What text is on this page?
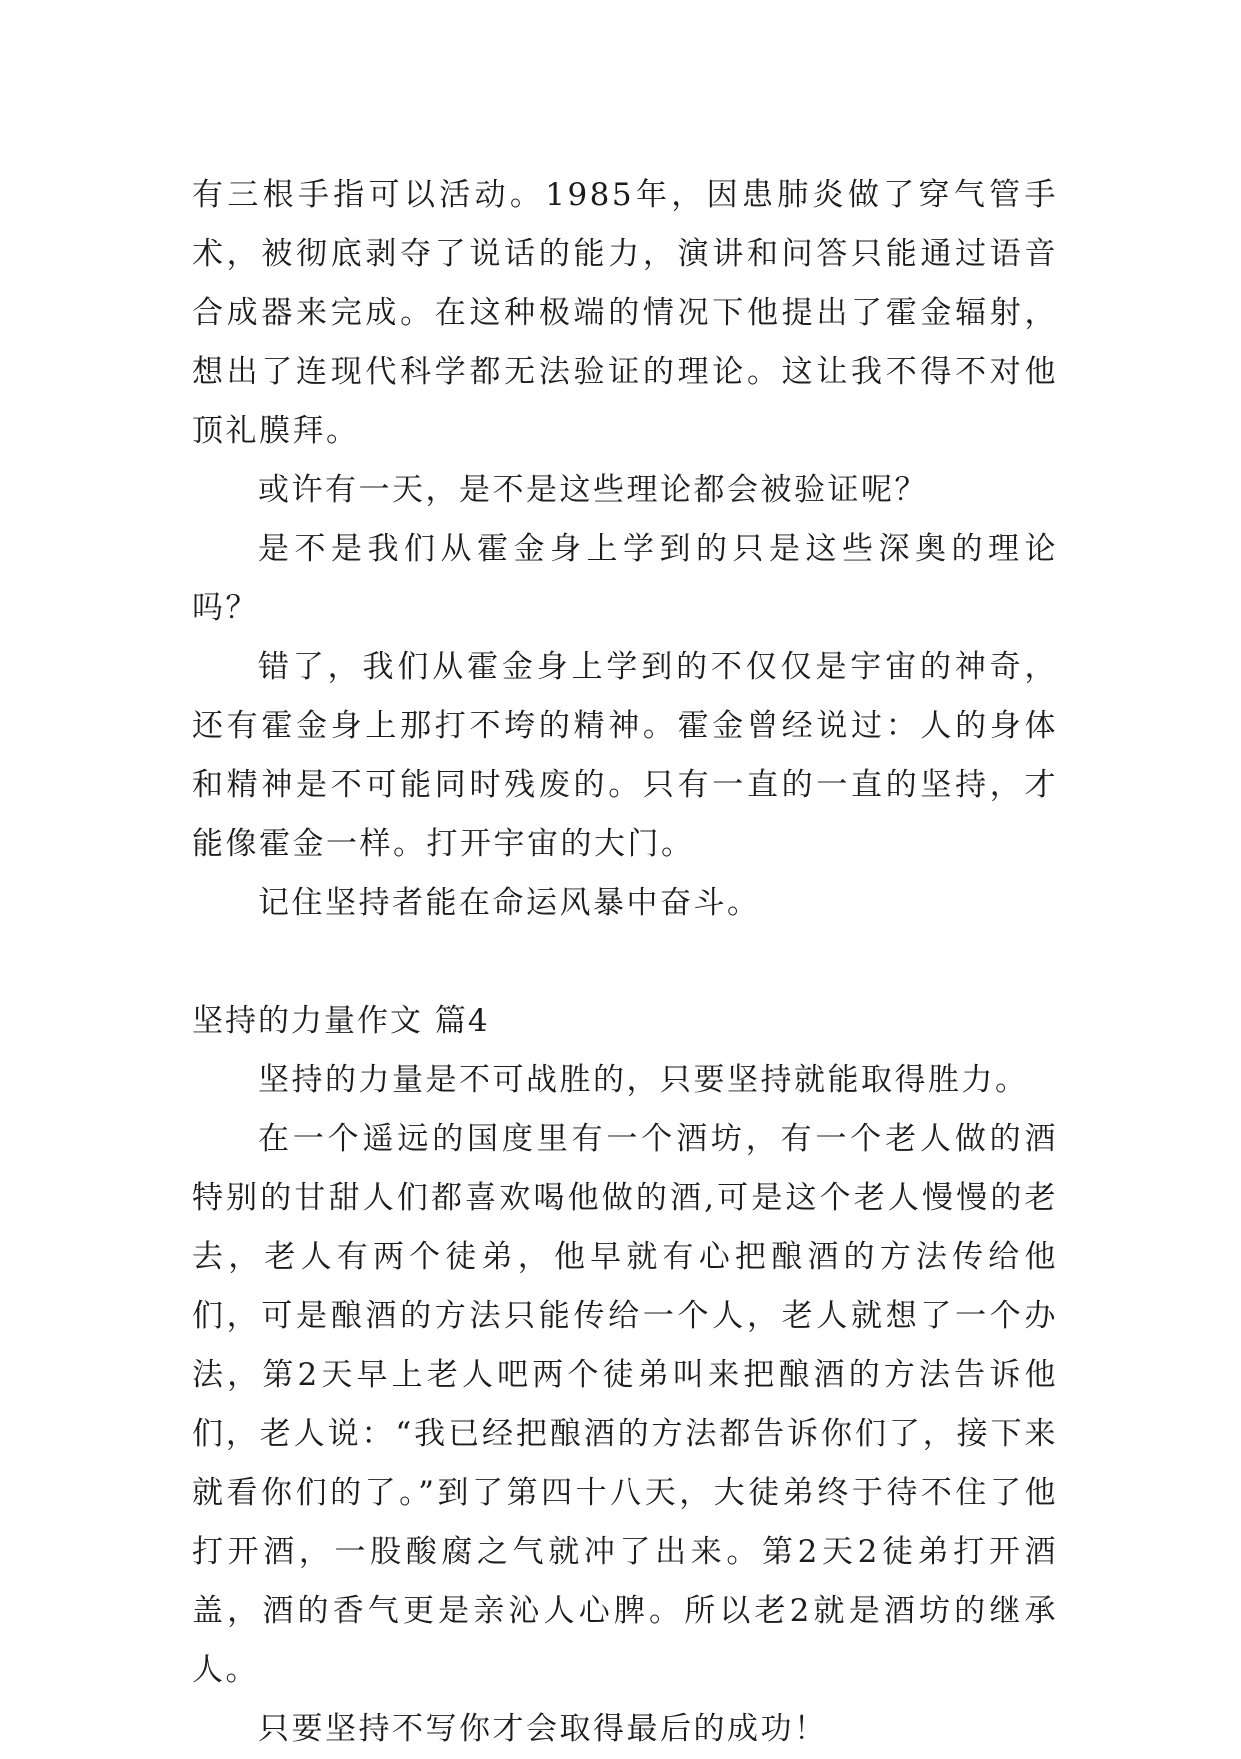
有三根手指可以活动。1985年，因患肺炎做了穿气管手术，被彻底剥夺了说话的能力，演讲和问答只能通过语音合成器来完成。在这种极端的情况下他提出了霍金辐射，想出了连现代科学都无法验证的理论。这让我不得不对他顶礼膜拜。

或许有一天，是不是这些理论都会被验证呢？

是不是我们从霍金身上学到的只是这些深奥的理论吗？

错了，我们从霍金身上学到的不仅仅是宇宙的神奇，还有霍金身上那打不垮的精神。霍金曾经说过：人的身体和精神是不可能同时残废的。只有一直的一直的坚持，才能像霍金一样。打开宇宙的大门。

记住坚持者能在命运风暴中奋斗。

坚持的力量作文 篇4

坚持的力量是不可战胜的，只要坚持就能取得胜力。

在一个遥远的国度里有一个酒坊，有一个老人做的酒特别的甘甜人们都喜欢喝他做的酒,可是这个老人慢慢的老去，老人有两个徒弟，他早就有心把酿酒的方法传给他们，可是酿酒的方法只能传给一个人，老人就想了一个办法，第2天早上老人吧两个徒弟叫来把酿酒的方法告诉他们，老人说：“我已经把酿酒的方法都告诉你们了，接下来就看你们的了。”到了第四十八天，大徒弟终于待不住了他打开酒，一股酸腐之气就冲了出来。第2天2徒弟打开酒盖，酒的香气更是亲沁人心脾。所以老2就是酒坊的继承人。

只要坚持不写你才会取得最后的成功！
